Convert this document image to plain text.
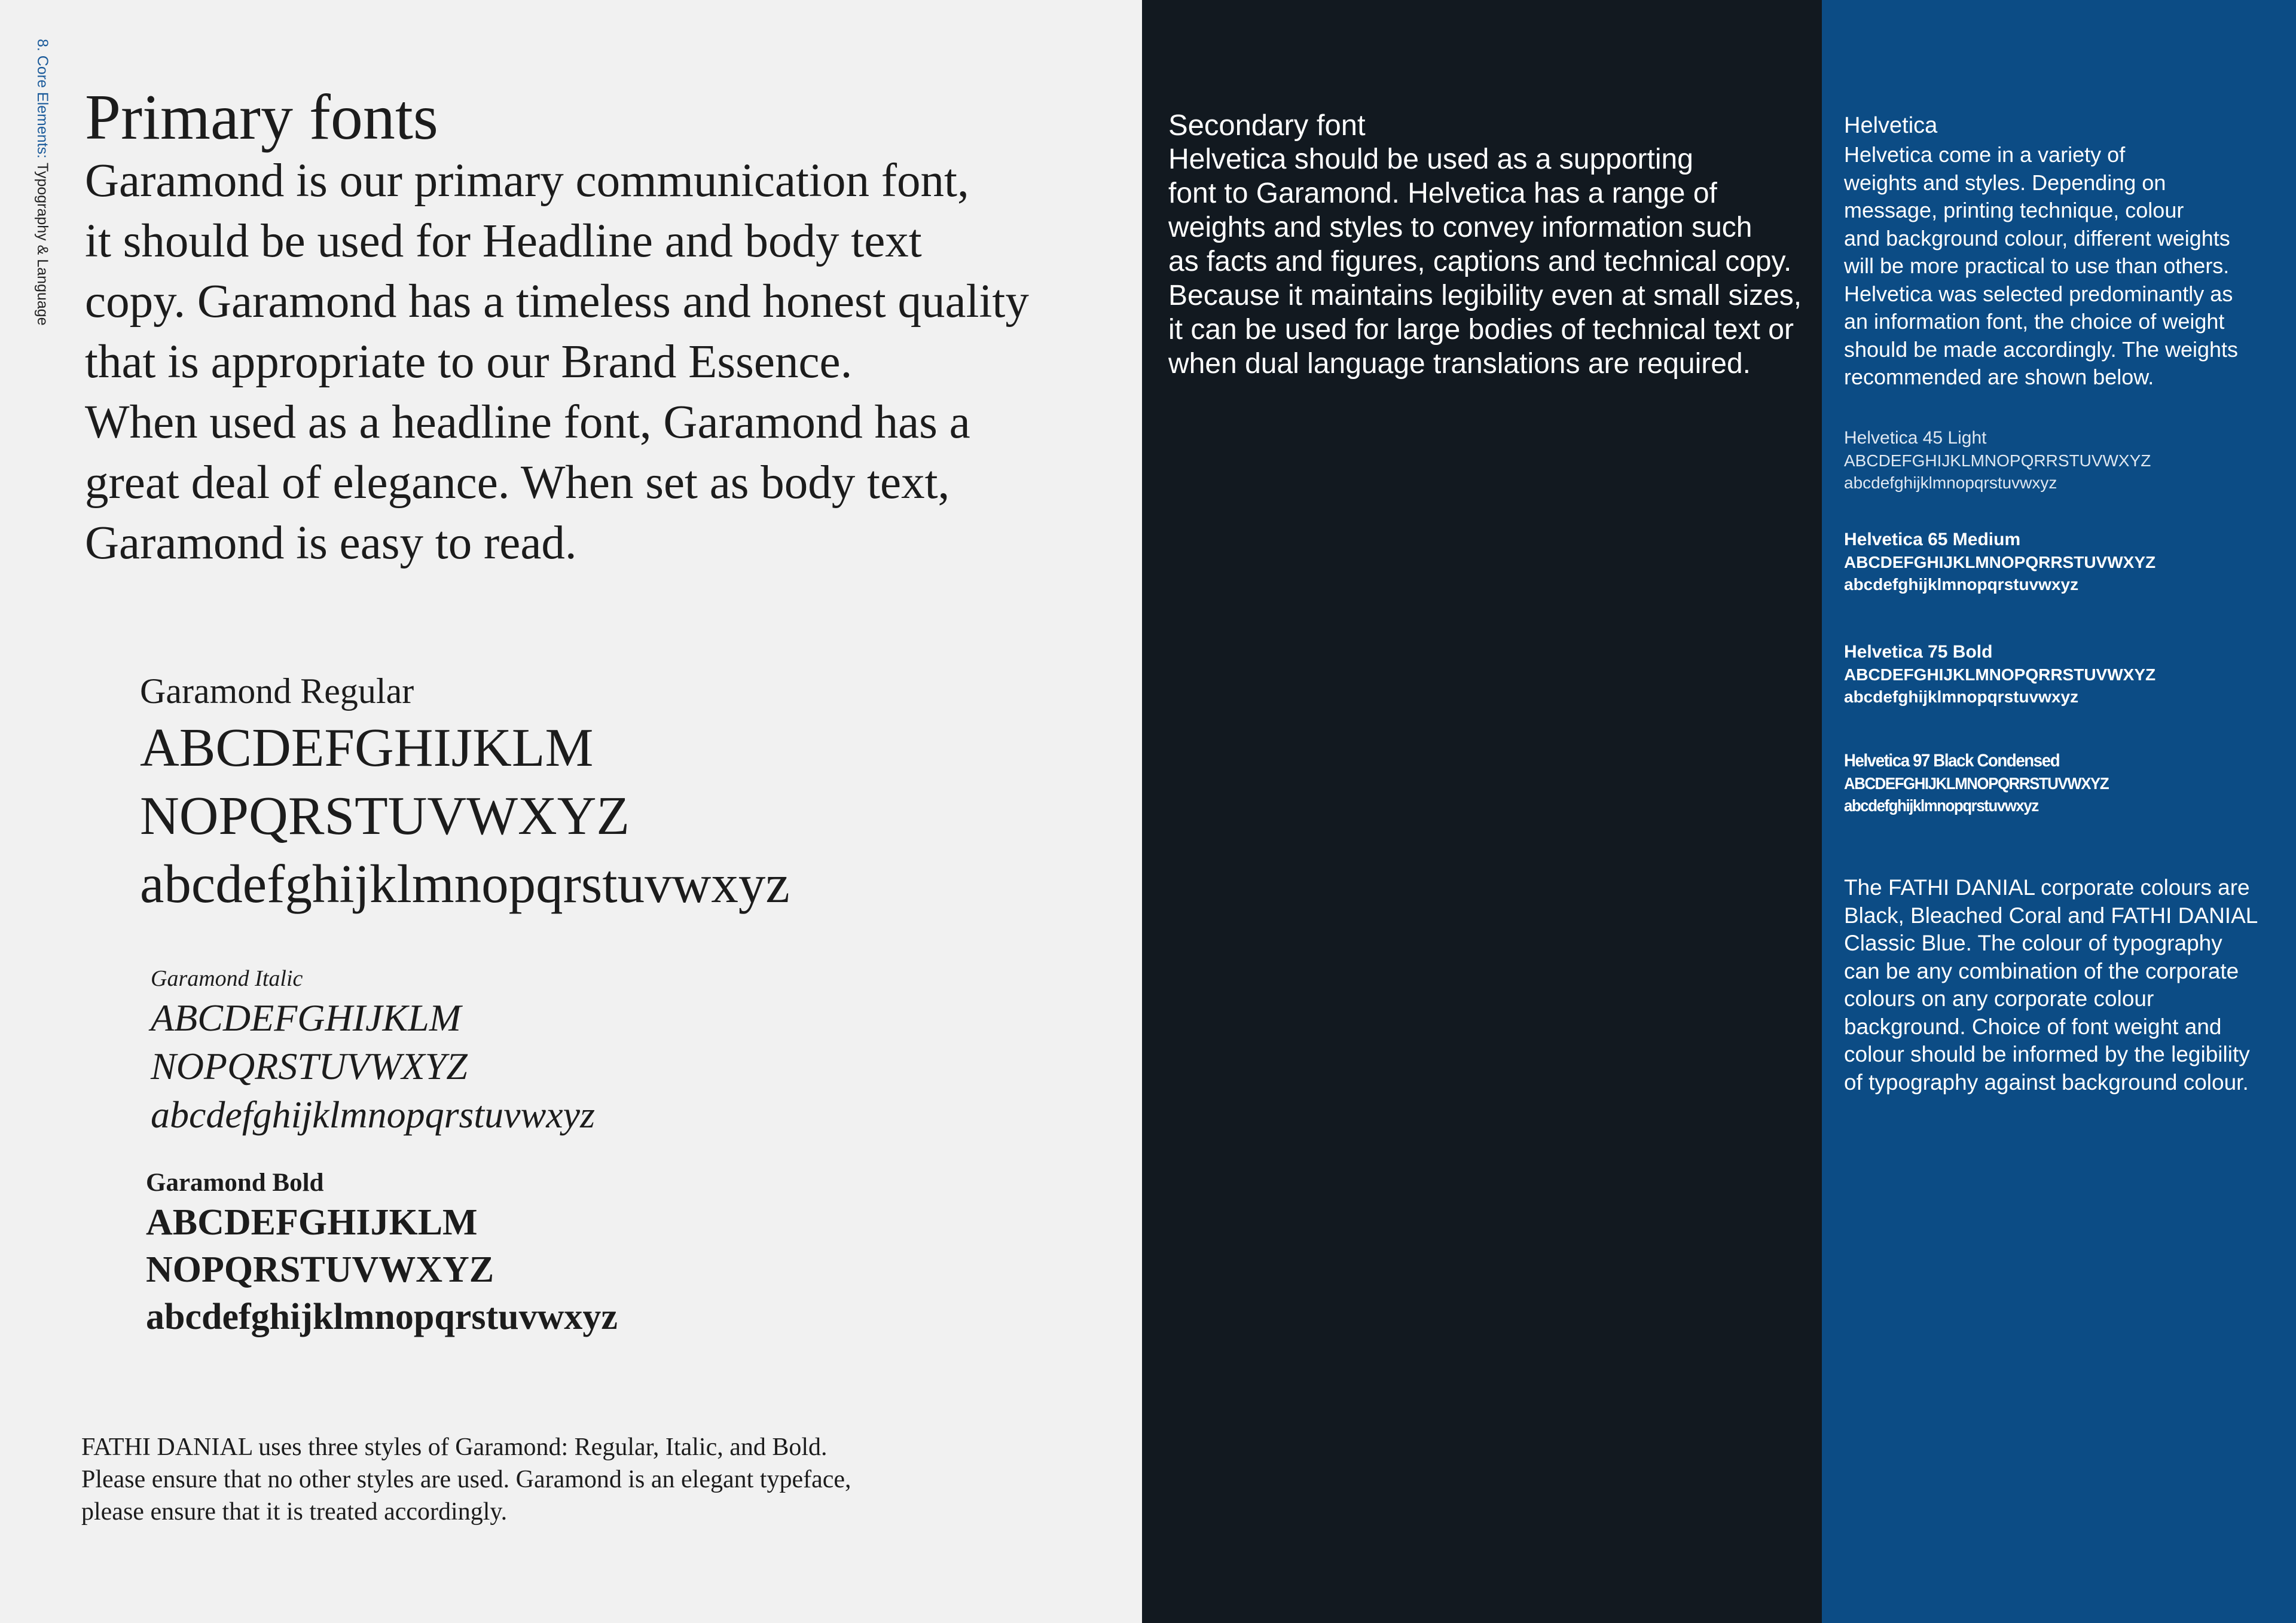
8. Core Elements: Typography & Language
Primary fonts

Garamond is our primary communication font,
it should be used for Headline and body text
copy. Garamond has a timeless and honest quality
that is appropriate to our Brand Essence.
When used as a headline font, Garamond has a
great deal of elegance. When set as body text,
Garamond is easy to read.

Garamond Regular
ABCDEFGHIJKLM
NOPQRSTUVWXYZ
abcdefghijklmnopqrstuvwxyz
Garamond Italic
ABCDEFGHIJKLM
NOPQRSTUVWXYZ
abcdefghijklmnopqrstuvwxyz
Garamond Bold
ABCDEFGHIJKLM
NOPQRSTUVWXYZ
abcdefghijklmnopqrstuvwxyz

FATHI DANIAL uses three styles of Garamond: Regular, Italic, and Bold.
Please ensure that no other styles are used. Garamond is an elegant typeface,
please ensure that it is treated accordingly.

Secondary font

Helvetica should be used as a supporting
font to Garamond. Helvetica has a range of
weights and styles to convey information such
as facts and figures, captions and technical copy.
Because it maintains legibility even at small sizes,
it can be used for large bodies of technical text or
when dual language translations are required.

Helvetica

Helvetica come in a variety of
weights and styles. Depending on
message, printing technique, colour
and background colour, different weights
will be more practical to use than others.
Helvetica was selected predominantly as
an information font, the choice of weight
should be made accordingly. The weights
recommended are shown below.

Helvetica 45 Light
ABCDEFGHIJKLMNOPQRRSTUVWXYZ
abcdefghijklmnopqrstuvwxyz
Helvetica 65 Medium
ABCDEFGHIJKLMNOPQRRSTUVWXYZ
abcdefghijklmnopqrstuvwxyz
Helvetica 75 Bold
ABCDEFGHIJKLMNOPQRRSTUVWXYZ
abcdefghijklmnopqrstuvwxyz
Helvetica 97 Black Condensed
ABCDEFGHIJKLMNOPQRRSTUVWXYZ
abcdefghijklmnopqrstuvwxyz

The FATHI DANIAL corporate colours are
Black, Bleached Coral and FATHI DANIAL
Classic Blue. The colour of typography
can be any combination of the corporate
colours on any corporate colour
background. Choice of font weight and
colour should be informed by the legibility
of typography against background colour.
